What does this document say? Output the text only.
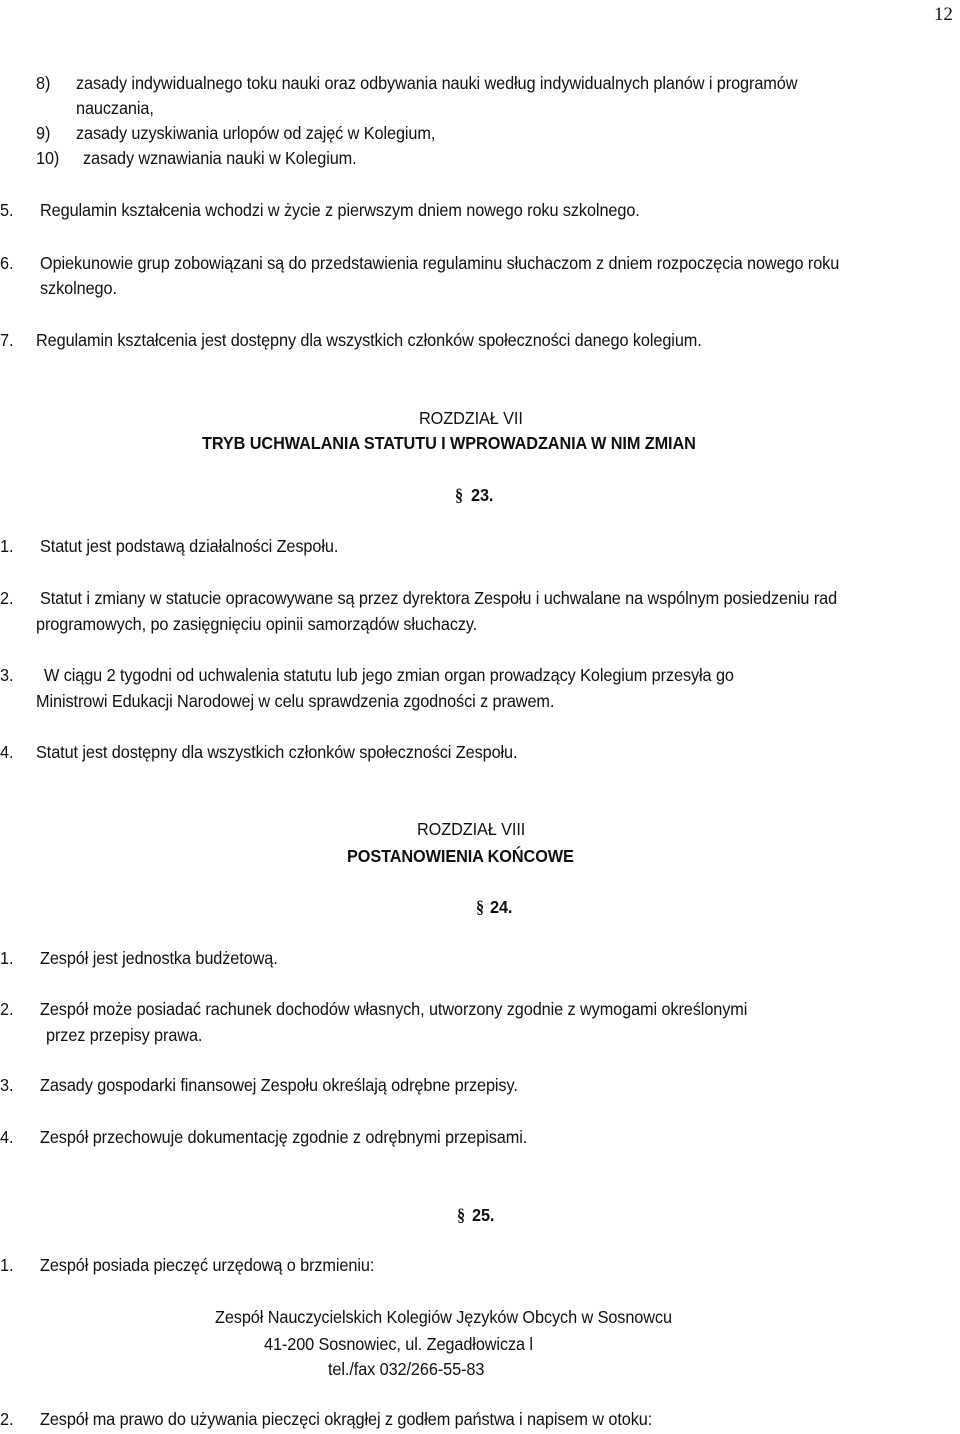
12
8) zasady indywidualnego toku nauki oraz odbywania nauki według indywidualnych planów i programów
nauczania,
9) zasady uzyskiwania urlopów od zajęć w Kolegium,
10) zasady wznawiania nauki w Kolegium.
5. Regulamin kształcenia wchodzi w życie z pierwszym dniem nowego roku szkolnego.
6. Opiekunowie grup zobowiązani są do przedstawienia regulaminu słuchaczom z dniem rozpoczęcia nowego roku
szkolnego.
7. Regulamin kształcenia jest dostępny dla wszystkich członków społeczności danego kolegium.
ROZDZIAŁ VII
TRYB UCHWALANIA STATUTU I WPROWADZANIA W NIM ZMIAN
§ 23.
1. Statut jest podstawą działalności Zespołu.
2. Statut i zmiany w statucie opracowywane są przez dyrektora Zespołu i uchwalane na wspólnym posiedzeniu rad
programowych, po zasięgnięciu opinii samorządów słuchaczy.
3. W ciągu 2 tygodni od uchwalenia statutu lub jego zmian organ prowadzący Kolegium przesyła go
Ministrowi Edukacji Narodowej w celu sprawdzenia zgodności z prawem.
4. Statut jest dostępny dla wszystkich członków społeczności Zespołu.
ROZDZIAŁ VIII
POSTANOWIENIA KOŃCOWE
§ 24.
1. Zespół jest jednostka budżetową.
2. Zespół może posiadać rachunek dochodów własnych, utworzony zgodnie z wymogami określonymi
przez przepisy prawa.
3. Zasady gospodarki finansowej Zespołu określają odrębne przepisy.
4. Zespół przechowuje dokumentację zgodnie z odrębnymi przepisami.
§ 25.
1. Zespół posiada pieczęć urzędową o brzmieniu:
Zespół Nauczycielskich Kolegiów Języków Obcych w Sosnowcu
41-200 Sosnowiec, ul. Zegadłowicza l
tel./fax 032/266-55-83
2. Zespół ma prawo do używania pieczęci okrągłej z godłem państwa i napisem w otoku:
